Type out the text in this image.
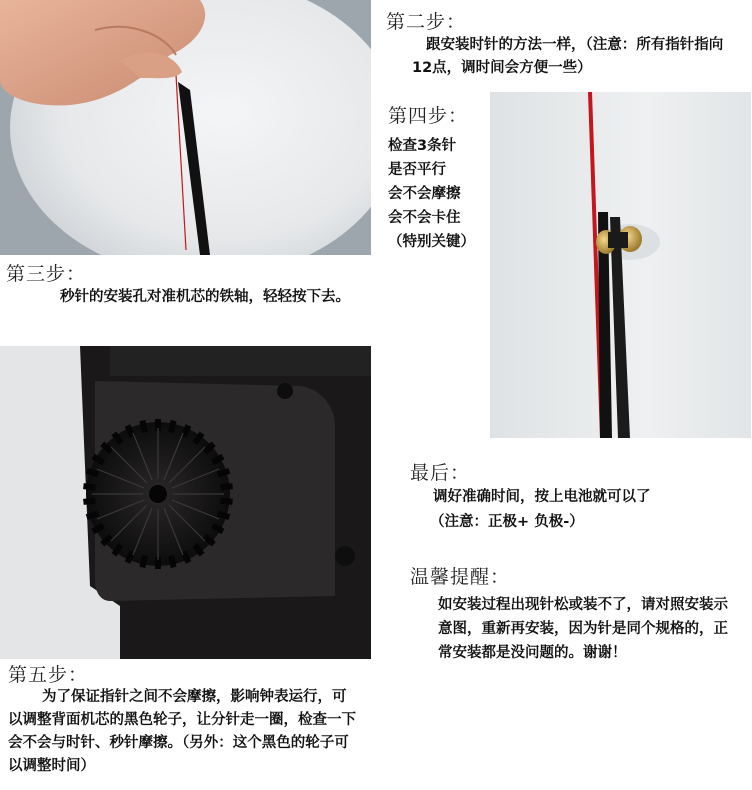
第二步：
跟安装时针的方法一样，（注意：所有指针指向12点，调时间会方便一些）
第四步：
检查3条针
是否平行
会不会摩擦
会不会卡住
（特别关键）
第三步：
秒针的安装孔对准机芯的铁轴，轻轻按下去。
最后：
调好准确时间，按上电池就可以了
（注意：正极+ 负极-）
温馨提醒：
如安装过程出现针松或装不了，请对照安装示意图，重新再安装，因为针是同个规格的，正常安装都是没问题的。谢谢！
第五步：
为了保证指针之间不会摩擦，影响钟表运行，可以调整背面机芯的黑色轮子，让分针走一圈，检查一下会不会与时针、秒针摩擦。（另外：这个黑色的轮子可以调整时间）
